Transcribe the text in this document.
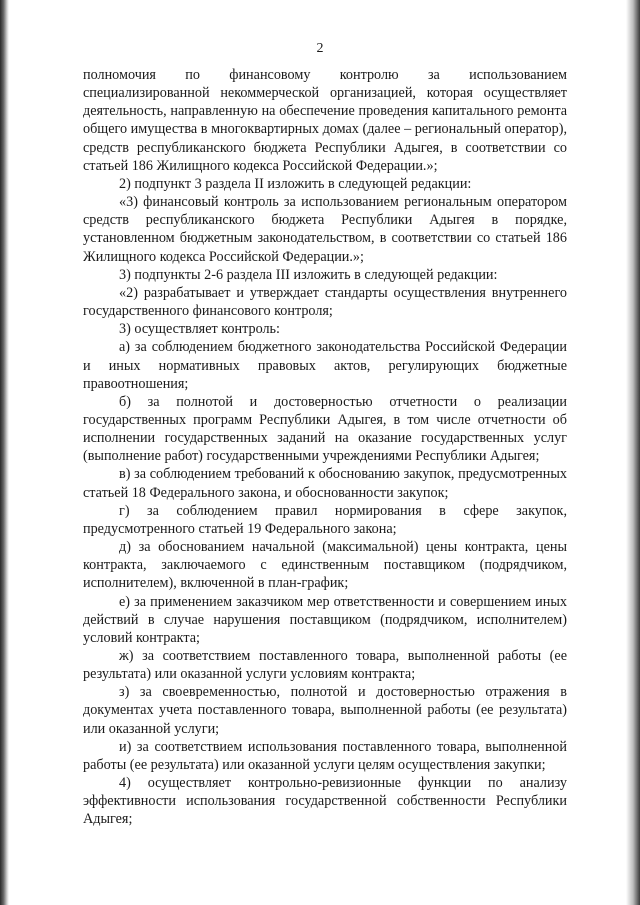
2

полномочия по финансовому контролю за использованием специализированной некоммерческой организацией, которая осуществляет деятельность, направленную на обеспечение проведения капитального ремонта общего имущества в многоквартирных домах (далее – региональный оператор), средств республиканского бюджета Республики Адыгея, в соответствии со статьей 186 Жилищного кодекса Российской Федерации.»;

2) подпункт 3 раздела II изложить в следующей редакции:

«3) финансовый контроль за использованием региональным оператором средств республиканского бюджета Республики Адыгея в порядке, установленном бюджетным законодательством, в соответствии со статьей 186 Жилищного кодекса Российской Федерации.»;

3) подпункты 2-6 раздела III изложить в следующей редакции:

«2) разрабатывает и утверждает стандарты осуществления внутреннего государственного финансового контроля;

3) осуществляет контроль:

а) за соблюдением бюджетного законодательства Российской Федерации и иных нормативных правовых актов, регулирующих бюджетные правоотношения;

б) за полнотой и достоверностью отчетности о реализации государственных программ Республики Адыгея, в том числе отчетности об исполнении государственных заданий на оказание государственных услуг (выполнение работ) государственными учреждениями Республики Адыгея;

в) за соблюдением требований к обоснованию закупок, предусмотренных статьей 18 Федерального закона, и обоснованности закупок;

г) за соблюдением правил нормирования в сфере закупок, предусмотренного статьей 19 Федерального закона;

д) за обоснованием начальной (максимальной) цены контракта, цены контракта, заключаемого с единственным поставщиком (подрядчиком, исполнителем), включенной в план-график;

е) за применением заказчиком мер ответственности и совершением иных действий в случае нарушения поставщиком (подрядчиком, исполнителем) условий контракта;

ж) за соответствием поставленного товара, выполненной работы (ее результата) или оказанной услуги условиям контракта;

з) за своевременностью, полнотой и достоверностью отражения в документах учета поставленного товара, выполненной работы (ее результата) или оказанной услуги;

и) за соответствием использования поставленного товара, выполненной работы (ее результата) или оказанной услуги целям осуществления закупки;

4) осуществляет контрольно-ревизионные функции по анализу эффективности использования государственной собственности Республики Адыгея;
